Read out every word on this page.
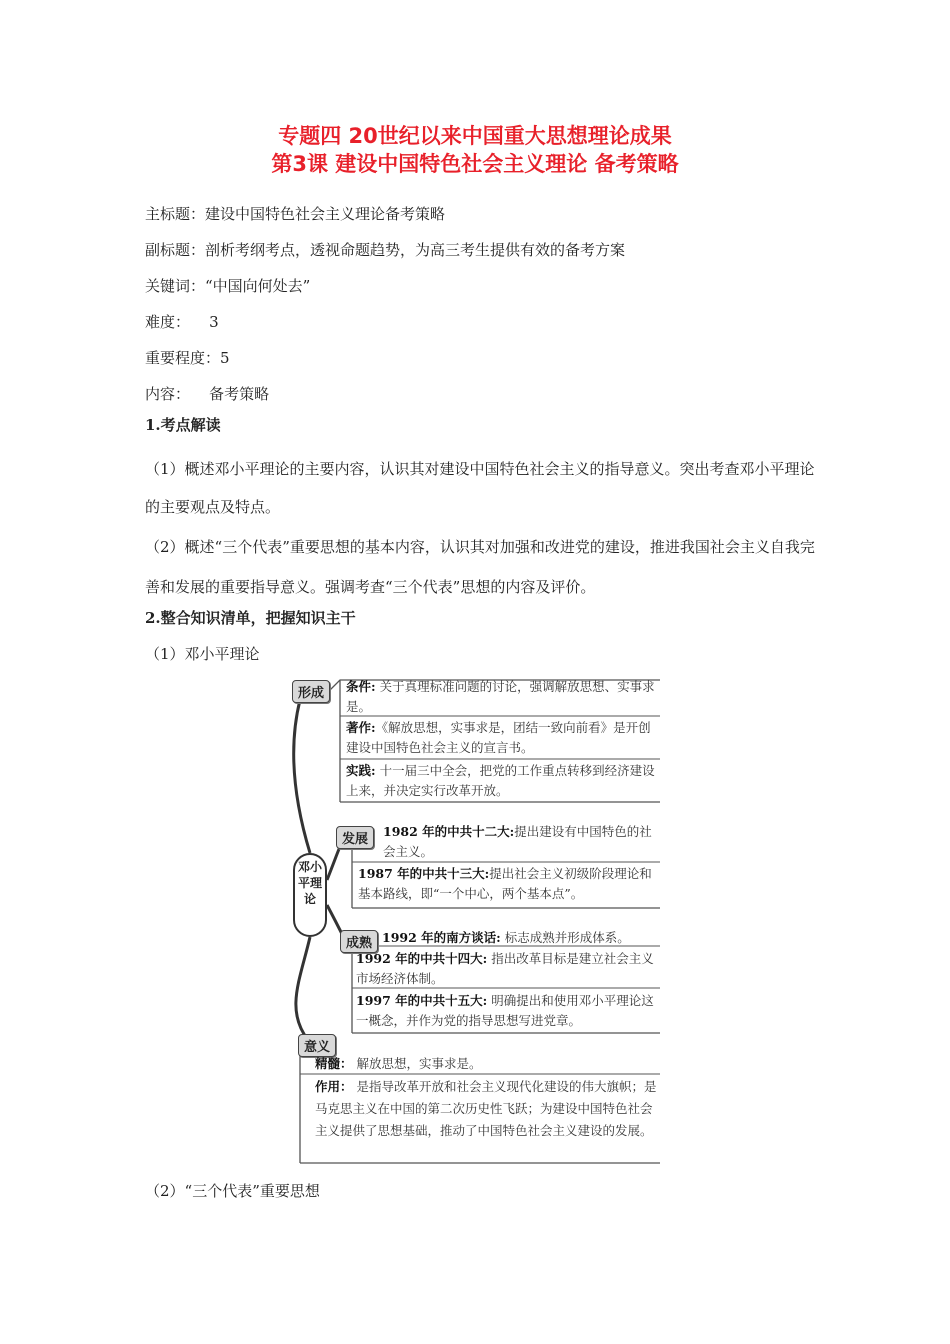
专题四 20世纪以来中国重大思想理论成果
第3课 建设中国特色社会主义理论 备考策略
主标题：建设中国特色社会主义理论备考策略
副标题：剖析考纲考点，透视命题趋势，为高三考生提供有效的备考方案
关键词：“中国向何处去”
难度：    3
重要程度：5
内容：    备考策略
1.考点解读
（1）概述邓小平理论的主要内容，认识其对建设中国特色社会主义的指导意义。突出考查邓小平理论的主要观点及特点。
（2）概述“三个代表”重要思想的基本内容，认识其对加强和改进党的建设，推进我国社会主义自我完善和发展的重要指导意义。强调考查“三个代表”思想的内容及评价。
2.整合知识清单，把握知识主干
（1）邓小平理论
形成
发展
成熟
意义
邓小平理论
条件: 关于真理标准问题的讨论，强调解放思想、实事求是。
著作:《解放思想，实事求是，团结一致向前看》是开创建设中国特色社会主义的宣言书。
实践: 十一届三中全会，把党的工作重点转移到经济建设上来，并决定实行改革开放。
1982 年的中共十二大:提出建设有中国特色的社会主义。
1987 年的中共十三大:提出社会主义初级阶段理论和基本路线，即“一个中心，两个基本点”。
1992 年的南方谈话: 标志成熟并形成体系。
1992 年的中共十四大: 指出改革目标是建立社会主义市场经济体制。
1997 年的中共十五大: 明确提出和使用邓小平理论这一概念，并作为党的指导思想写进党章。
精髓： 解放思想，实事求是。
作用： 是指导改革开放和社会主义现代化建设的伟大旗帜；是马克思主义在中国的第二次历史性飞跃；为建设中国特色社会主义提供了思想基础，推动了中国特色社会主义建设的发展。
（2）“三个代表”重要思想
